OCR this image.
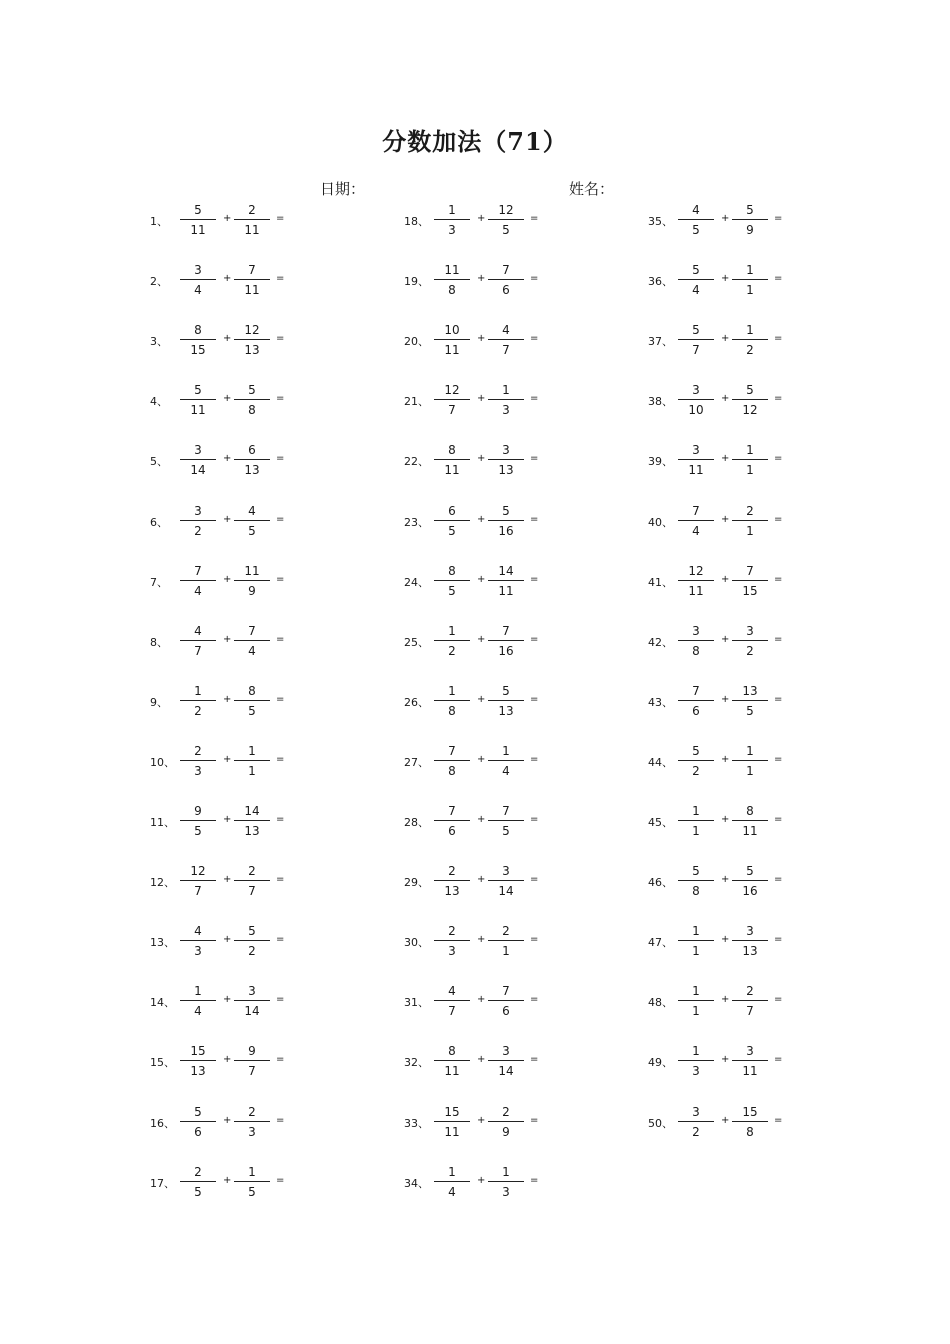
分数加法（71）
日期：	姓名：
1、
5
11
+
2
11
=
2、
3
4
+
7
11
=
3、
8
15
+
12
13
=
4、
5
11
+
5
8
=
5、
3
14
+
6
13
=
6、
3
2
+
4
5
=
7、
7
4
+
11
9
=
8、
4
7
+
7
4
=
9、
1
2
+
8
5
=
10、
2
3
+
1
1
=
11、
9
5
+
14
13
=
12、
12
7
+
2
7
=
13、
4
3
+
5
2
=
14、
1
4
+
3
14
=
15、
15
13
+
9
7
=
16、
5
6
+
2
3
=
17、
2
5
+
1
5
=
18、
1
3
+
12
5
=
19、
11
8
+
7
6
=
20、
10
11
+
4
7
=
21、
12
7
+
1
3
=
22、
8
11
+
3
13
=
23、
6
5
+
5
16
=
24、
8
5
+
14
11
=
25、
1
2
+
7
16
=
26、
1
8
+
5
13
=
27、
7
8
+
1
4
=
28、
7
6
+
7
5
=
29、
2
13
+
3
14
=
30、
2
3
+
2
1
=
31、
4
7
+
7
6
=
32、
8
11
+
3
14
=
33、
15
11
+
2
9
=
34、
1
4
+
1
3
=
35、
4
5
+
5
9
=
36、
5
4
+
1
1
=
37、
5
7
+
1
2
=
38、
3
10
+
5
12
=
39、
3
11
+
1
1
=
40、
7
4
+
2
1
=
41、
12
11
+
7
15
=
42、
3
8
+
3
2
=
43、
7
6
+
13
5
=
44、
5
2
+
1
1
=
45、
1
1
+
8
11
=
46、
5
8
+
5
16
=
47、
1
1
+
3
13
=
48、
1
1
+
2
7
=
49、
1
3
+
3
11
=
50、
3
2
+
15
8
=
